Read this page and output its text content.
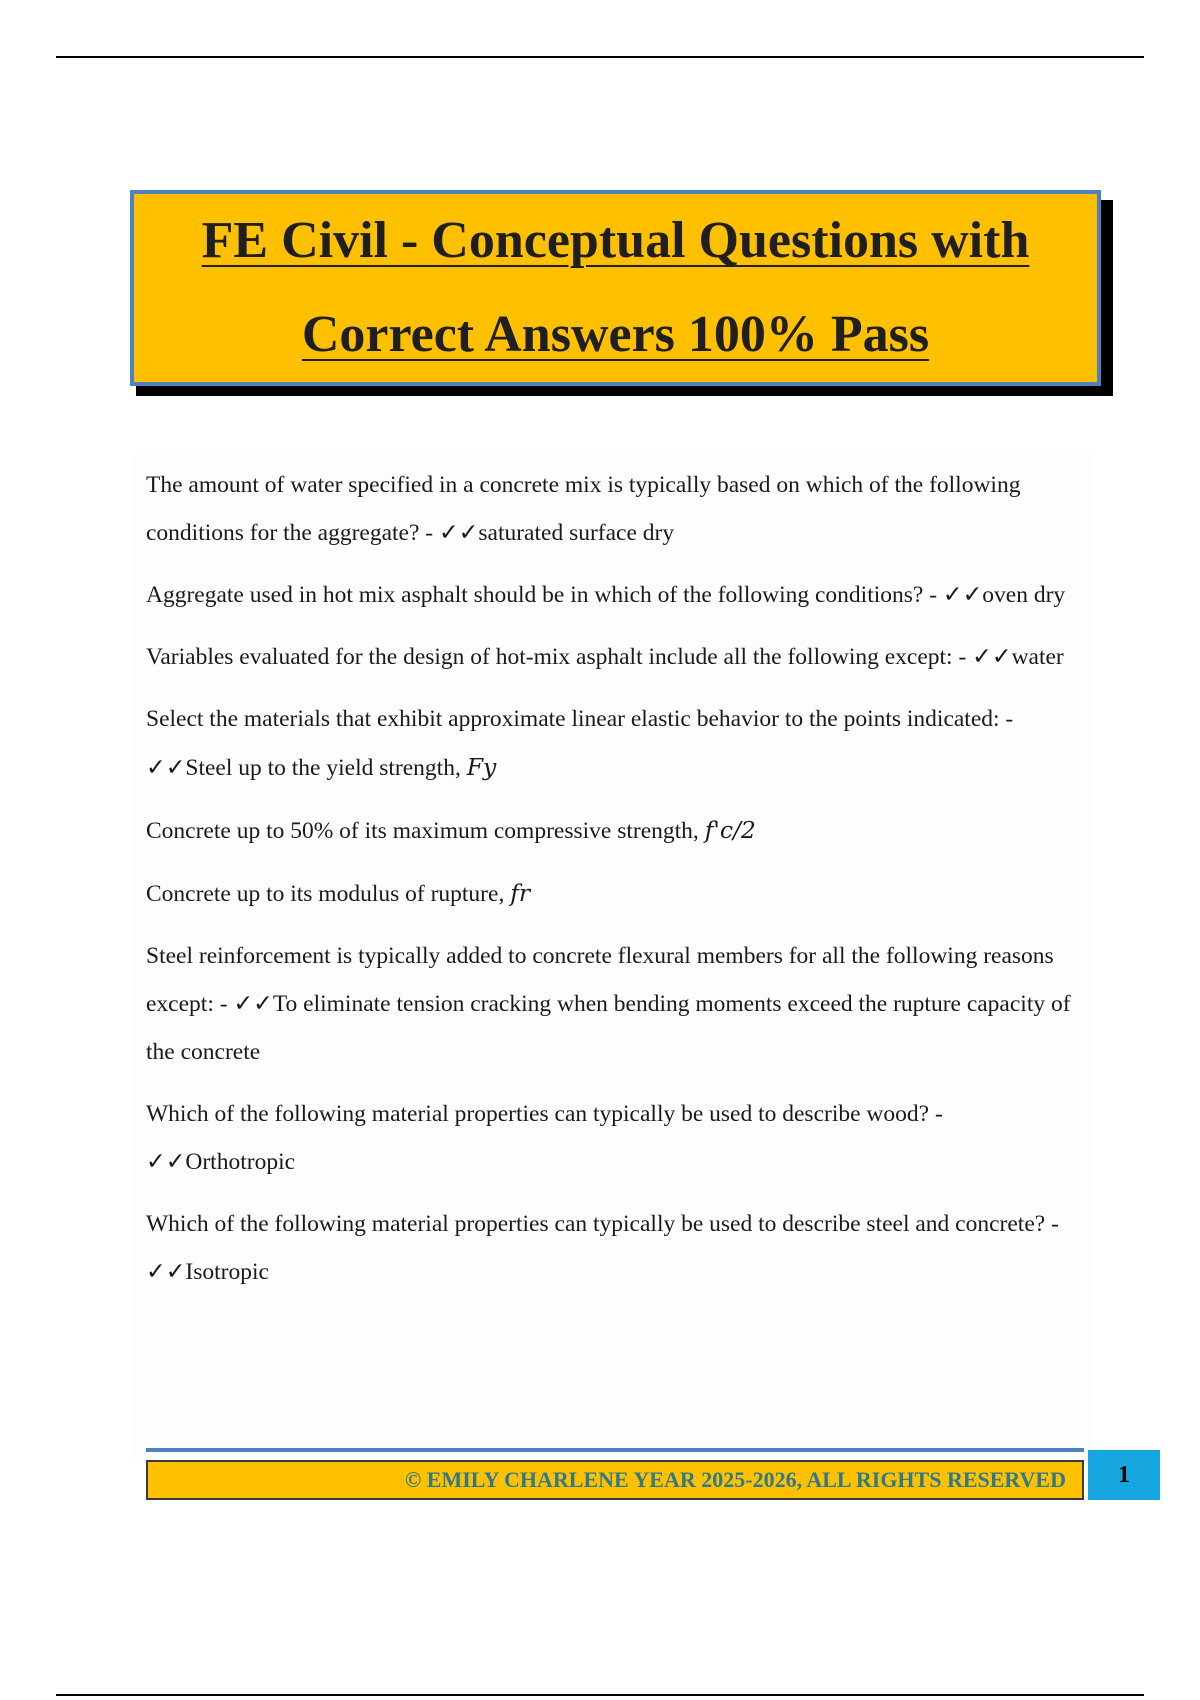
FE Civil - Conceptual Questions with
Correct Answers 100% Pass

The amount of water specified in a concrete mix is typically based on which of the following conditions for the aggregate? - ✓✓saturated surface dry

Aggregate used in hot mix asphalt should be in which of the following conditions? - ✓✓oven dry

Variables evaluated for the design of hot-mix asphalt include all the following except: - ✓✓water

Select the materials that exhibit approximate linear elastic behavior to the points indicated: - ✓✓Steel up to the yield strength, Fy

Concrete up to 50% of its maximum compressive strength, f'c/2

Concrete up to its modulus of rupture, fr

Steel reinforcement is typically added to concrete flexural members for all the following reasons except: - ✓✓To eliminate tension cracking when bending moments exceed the rupture capacity of the concrete

Which of the following material properties can typically be used to describe wood? - ✓✓Orthotropic

Which of the following material properties can typically be used to describe steel and concrete? - ✓✓Isotropic

© EMILY CHARLENE YEAR 2025-2026, ALL RIGHTS RESERVED 1
